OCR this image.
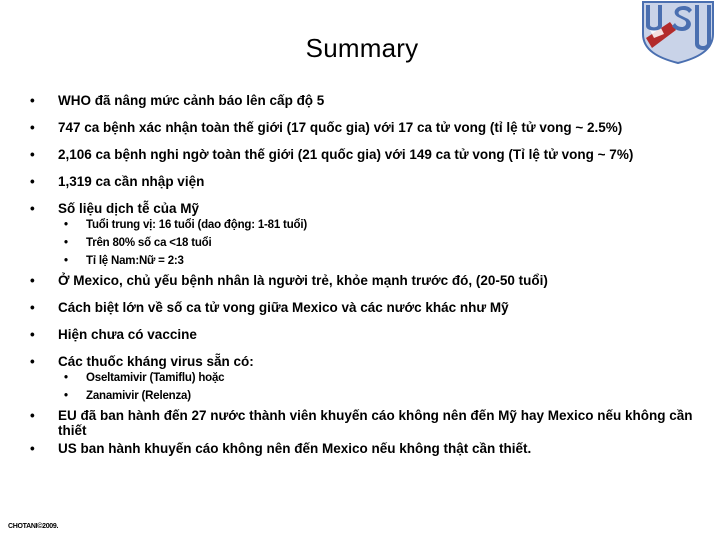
Summary
• WHO đã nâng mức cảnh báo lên cấp độ 5
• 747 ca bệnh xác nhận toàn thế giới (17 quốc gia) với 17 ca tử vong (tỉ lệ tử vong ~ 2.5%)
• 2,106 ca bệnh nghi ngờ toàn thế giới (21 quốc gia) với 149 ca tử vong (Tỉ lệ tử vong ~ 7%)
• 1,319 ca cần nhập viện
• Số liệu dịch tễ của Mỹ
• Tuổi trung vị: 16 tuổi (dao động: 1-81 tuổi)
• Trên 80% số ca <18 tuổi
• Tỉ lệ Nam:Nữ = 2:3
• Ở Mexico, chủ yếu bệnh nhân là người trẻ, khỏe mạnh trước đó, (20-50 tuổi)
• Cách biệt lớn về số ca tử vong giữa Mexico và các nước khác như Mỹ
• Hiện chưa có vaccine
• Các thuốc kháng virus sẵn có:
• Oseltamivir (Tamiflu) hoặc
• Zanamivir (Relenza)
• EU đã ban hành đến 27 nước thành viên khuyến cáo không nên đến Mỹ hay Mexico nếu không cần thiết
• US ban hành khuyến cáo không nên đến Mexico nếu không thật cần thiết.
CHOTANI©2009.
